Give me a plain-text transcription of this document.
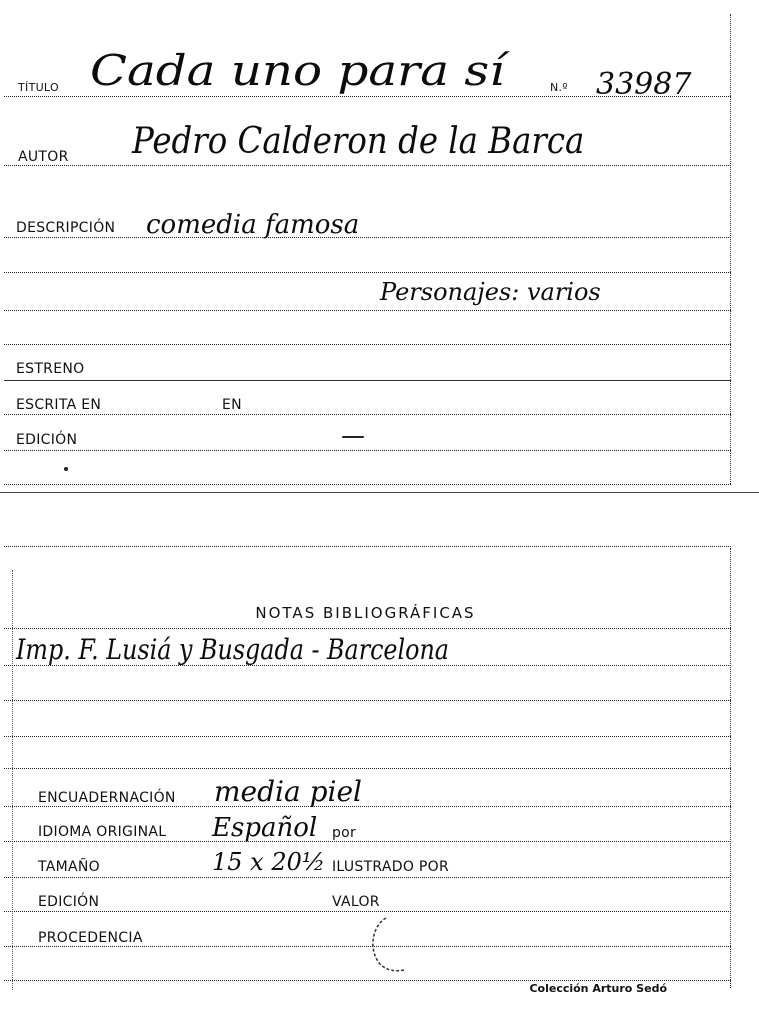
TÍTULO Cada uno para sí	N.º 33987
AUTOR Pedro Calderon de la Barca
DESCRIPCIÓN comedia famosa
Personajes: varios
ESTRENO
ESCRITA EN	EN
EDICIÓN
NOTAS BIBLIOGRÁFICAS
Imp. F. Lusiá y Busgada - Barcelona
ENCUADERNACIÓN media piel
IDIOMA ORIGINAL Español por
TAMAÑO	15 x 20½ ILUSTRADO POR
EDICIÓN	VALOR
PROCEDENCIA
Colección Arturo Sedó
